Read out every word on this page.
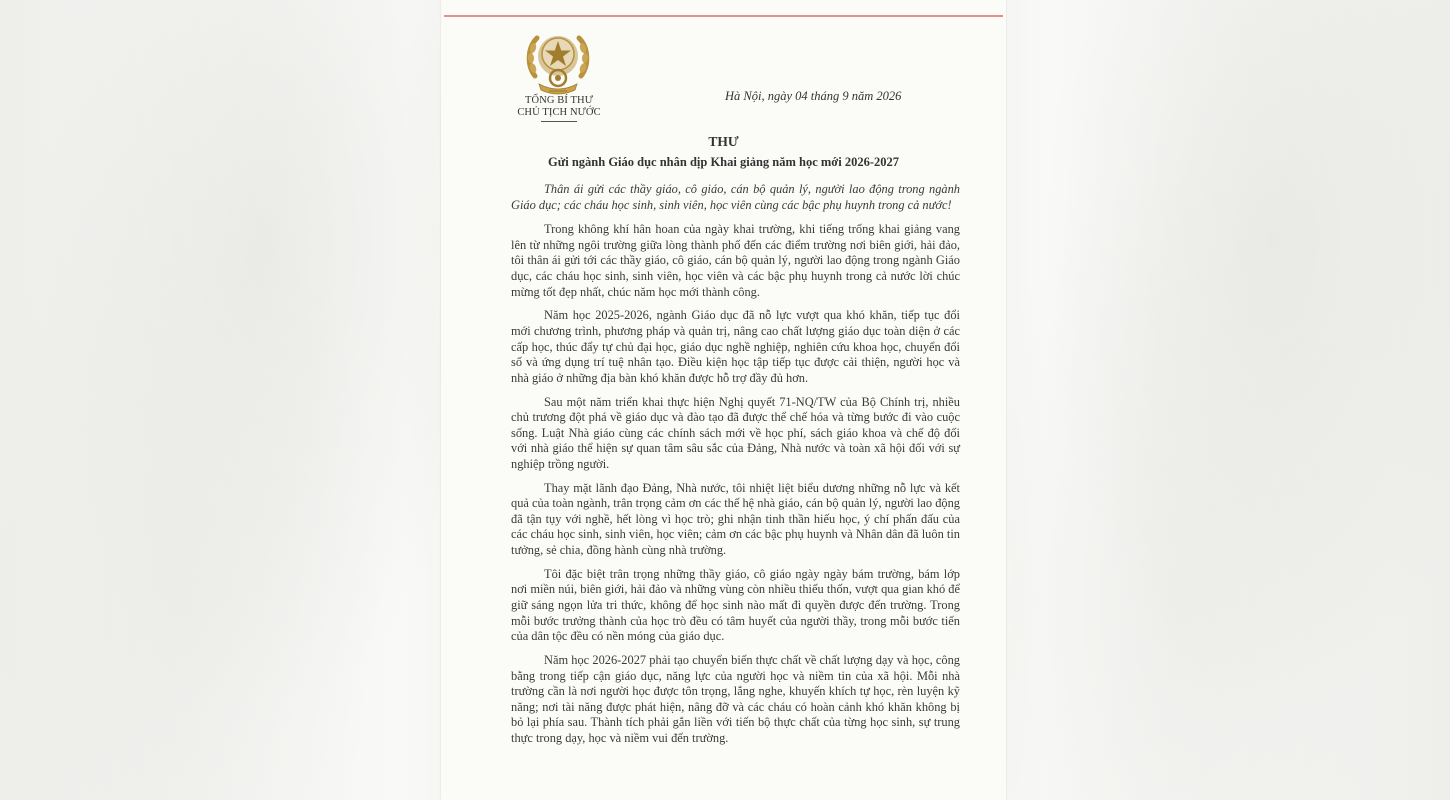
TỔNG BÍ THƯ
CHỦ TỊCH NƯỚC
Hà Nội, ngày 04 tháng 9 năm 2026
THƯ
Gửi ngành Giáo dục nhân dịp Khai giảng năm học mới 2026-2027

Thân ái gửi các thầy giáo, cô giáo, cán bộ quản lý, người lao động trong ngành Giáo dục; các cháu học sinh, sinh viên, học viên cùng các bậc phụ huynh trong cả nước!

Trong không khí hân hoan của ngày khai trường, khi tiếng trống khai giảng vang lên từ những ngôi trường giữa lòng thành phố đến các điểm trường nơi biên giới, hải đảo, tôi thân ái gửi tới các thầy giáo, cô giáo, cán bộ quản lý, người lao động trong ngành Giáo dục, các cháu học sinh, sinh viên, học viên và các bậc phụ huynh trong cả nước lời chúc mừng tốt đẹp nhất, chúc năm học mới thành công.

Năm học 2025-2026, ngành Giáo dục đã nỗ lực vượt qua khó khăn, tiếp tục đổi mới chương trình, phương pháp và quản trị, nâng cao chất lượng giáo dục toàn diện ở các cấp học, thúc đẩy tự chủ đại học, giáo dục nghề nghiệp, nghiên cứu khoa học, chuyển đổi số và ứng dụng trí tuệ nhân tạo. Điều kiện học tập tiếp tục được cải thiện, người học và nhà giáo ở những địa bàn khó khăn được hỗ trợ đầy đủ hơn.

Sau một năm triển khai thực hiện Nghị quyết 71-NQ/TW của Bộ Chính trị, nhiều chủ trương đột phá về giáo dục và đào tạo đã được thể chế hóa và từng bước đi vào cuộc sống. Luật Nhà giáo cùng các chính sách mới về học phí, sách giáo khoa và chế độ đối với nhà giáo thể hiện sự quan tâm sâu sắc của Đảng, Nhà nước và toàn xã hội đối với sự nghiệp trồng người.

Thay mặt lãnh đạo Đảng, Nhà nước, tôi nhiệt liệt biểu dương những nỗ lực và kết quả của toàn ngành, trân trọng cảm ơn các thế hệ nhà giáo, cán bộ quản lý, người lao động đã tận tụy với nghề, hết lòng vì học trò; ghi nhận tinh thần hiếu học, ý chí phấn đấu của các cháu học sinh, sinh viên, học viên; cảm ơn các bậc phụ huynh và Nhân dân đã luôn tin tưởng, sẻ chia, đồng hành cùng nhà trường.

Tôi đặc biệt trân trọng những thầy giáo, cô giáo ngày ngày bám trường, bám lớp nơi miền núi, biên giới, hải đảo và những vùng còn nhiều thiếu thốn, vượt qua gian khó để giữ sáng ngọn lửa tri thức, không để học sinh nào mất đi quyền được đến trường. Trong mỗi bước trưởng thành của học trò đều có tâm huyết của người thầy, trong mỗi bước tiến của dân tộc đều có nền móng của giáo dục.

Năm học 2026-2027 phải tạo chuyển biến thực chất về chất lượng dạy và học, công bằng trong tiếp cận giáo dục, năng lực của người học và niềm tin của xã hội. Mỗi nhà trường cần là nơi người học được tôn trọng, lắng nghe, khuyến khích tự học, rèn luyện kỹ năng; nơi tài năng được phát hiện, nâng đỡ và các cháu có hoàn cảnh khó khăn không bị bỏ lại phía sau. Thành tích phải gắn liền với tiến bộ thực chất của từng học sinh, sự trung thực trong dạy, học và niềm vui đến trường.
